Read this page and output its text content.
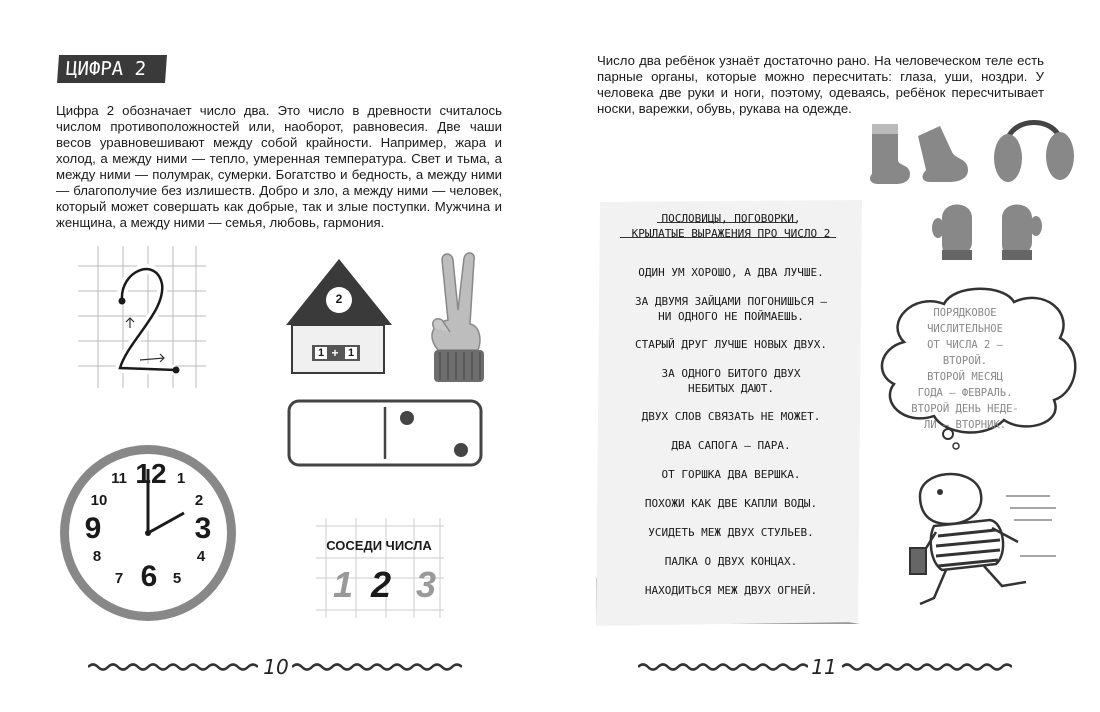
ЦИФРА 2
Цифра 2 обозначает число два. Это число в древности считалось числом противоположностей или, наоборот, равновесия. Две чаши весов уравновешивают между собой крайности. Например, жара и холод, а между ними — тепло, умеренная температура. Свет и тьма, а между ними — полумрак, сумерки. Богатство и бедность, а между ними — благополучие без излишеств. Добро и зло, а между ними — человек, который может совершать как добрые, так и злые поступки. Мужчина и женщина, а между ними — семья, любовь, гармония.
2
1 + 1
12 1
2
3
4
5
6
7
8
9
10
11
СОСЕДИ ЧИСЛА
1 2 3
10
Число два ребёнок узнаёт достаточно рано. На человеческом теле есть парные органы, которые можно пересчитать: глаза, уши, ноздри. У человека две руки и ноги, поэтому, одеваясь, ребёнок пересчитывает носки, варежки, обувь, рукава на одежде.
ПОСЛОВИЦЫ, ПОГОВОРКИ,
КРЫЛАТЫЕ ВЫРАЖЕНИЯ ПРО ЧИСЛО 2
ОДИН УМ ХОРОШО, А ДВА ЛУЧШЕ.
ЗА ДВУМЯ ЗАЙЦАМИ ПОГОНИШЬСЯ —
НИ ОДНОГО НЕ ПОЙМАЕШЬ.
СТАРЫЙ ДРУГ ЛУЧШЕ НОВЫХ ДВУХ.
ЗА ОДНОГО БИТОГО ДВУХ
НЕБИТЫХ ДАЮТ.
ДВУХ СЛОВ СВЯЗАТЬ НЕ МОЖЕТ.
ДВА САПОГА — ПАРА.
ОТ ГОРШКА ДВА ВЕРШКА.
ПОХОЖИ КАК ДВЕ КАПЛИ ВОДЫ.
УСИДЕТЬ МЕЖ ДВУХ СТУЛЬЕВ.
ПАЛКА О ДВУХ КОНЦАХ.
НАХОДИТЬСЯ МЕЖ ДВУХ ОГНЕЙ.
ПОРЯДКОВОЕ
ЧИСЛИТЕЛЬНОЕ
ОТ ЧИСЛА 2 — ВТОРОЙ.
ВТОРОЙ МЕСЯЦ
ГОДА — ФЕВРАЛЬ.
ВТОРОЙ ДЕНЬ НЕДЕ-
ЛИ — ВТОРНИК.
11
